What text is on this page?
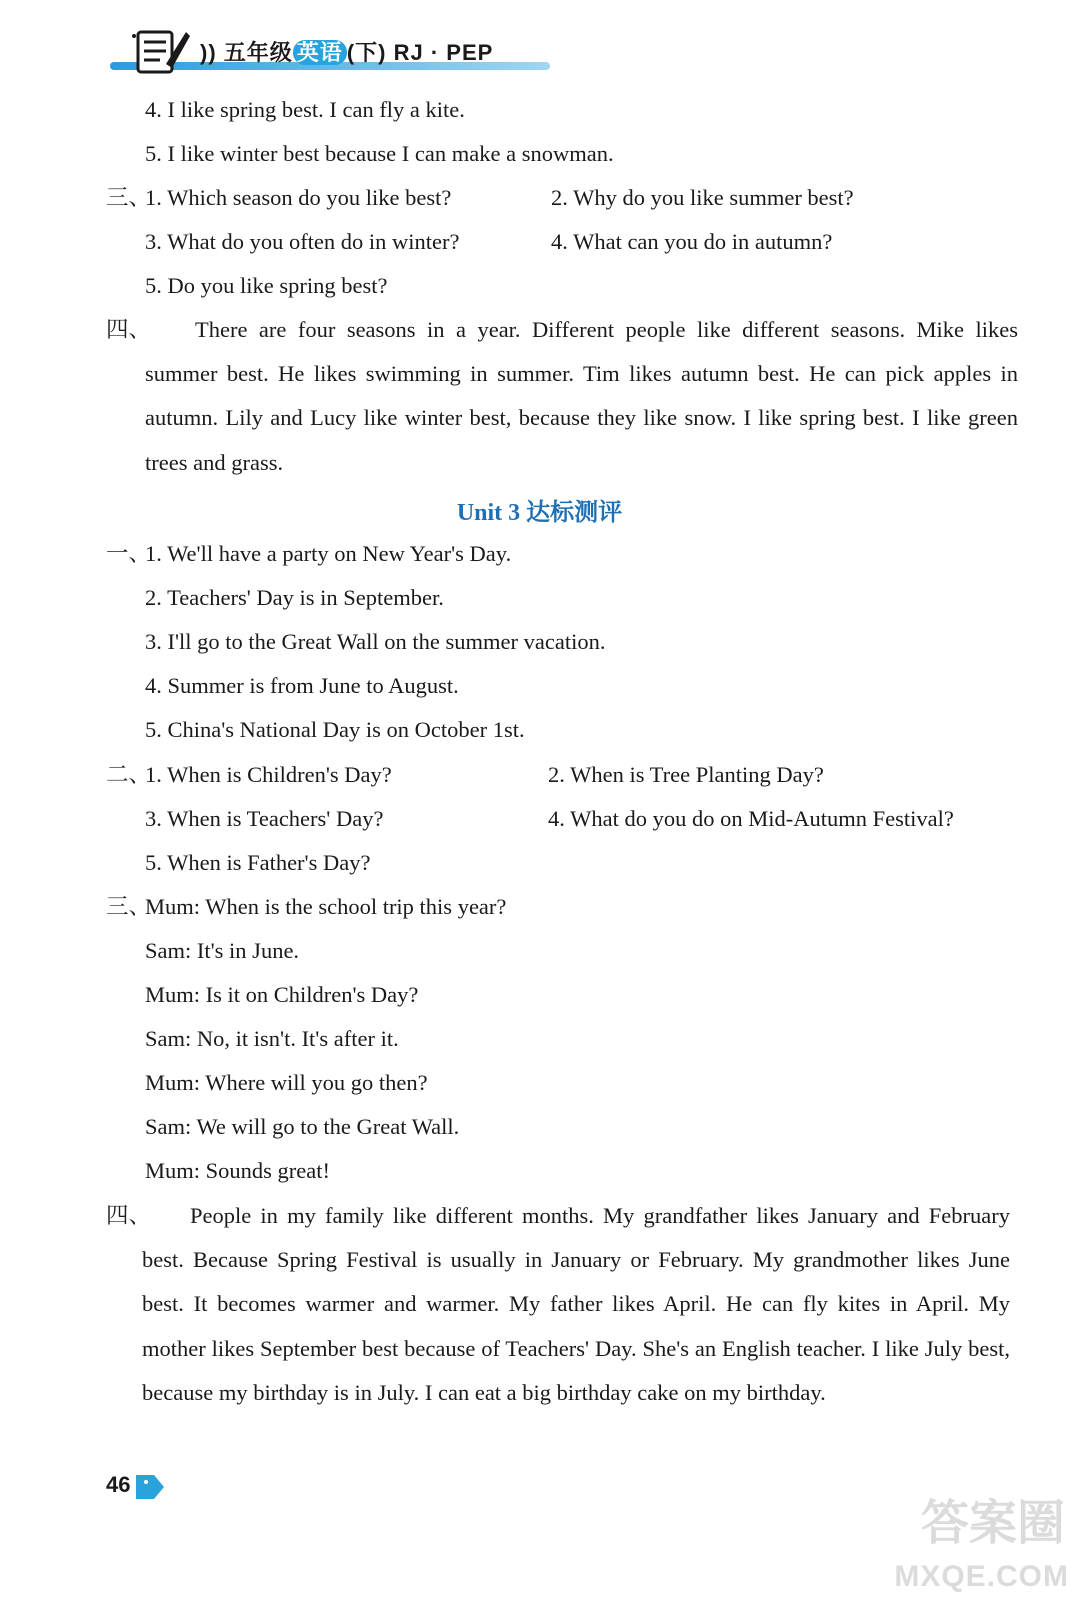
)) 五年级 英语 (下) RJ · PEP
4. I like spring best. I can fly a kite.
5. I like winter best because I can make a snowman.
三、
1. Which season do you like best?	2. Why do you like summer best?
3. What do you often do in winter?	4. What can you do in autumn?
5. Do you like spring best?
四、	There are four seasons in a year. Different people like different seasons. Mike likes summer best. He likes swimming in summer. Tim likes autumn best. He can pick apples in autumn. Lily and Lucy like winter best, because they like snow. I like spring best. I like green trees and grass.
Unit 3 达标测评
一、
1. We'll have a party on New Year's Day.
2. Teachers' Day is in September.
3. I'll go to the Great Wall on the summer vacation.
4. Summer is from June to August.
5. China's National Day is on October 1st.
二、
1. When is Children's Day?	2. When is Tree Planting Day?
3. When is Teachers' Day?	4. What do you do on Mid-Autumn Festival?
5. When is Father's Day?
三、
Mum: When is the school trip this year?
Sam: It's in June.
Mum: Is it on Children's Day?
Sam: No, it isn't. It's after it.
Mum: Where will you go then?
Sam: We will go to the Great Wall.
Mum: Sounds great!
四、	People in my family like different months. My grandfather likes January and February best. Because Spring Festival is usually in January or February. My grandmother likes June best. It becomes warmer and warmer. My father likes April. He can fly kites in April. My mother likes September best because of Teachers' Day. She's an English teacher. I like July best, because my birthday is in July. I can eat a big birthday cake on my birthday.
46
答案圈
MXQE.COM
